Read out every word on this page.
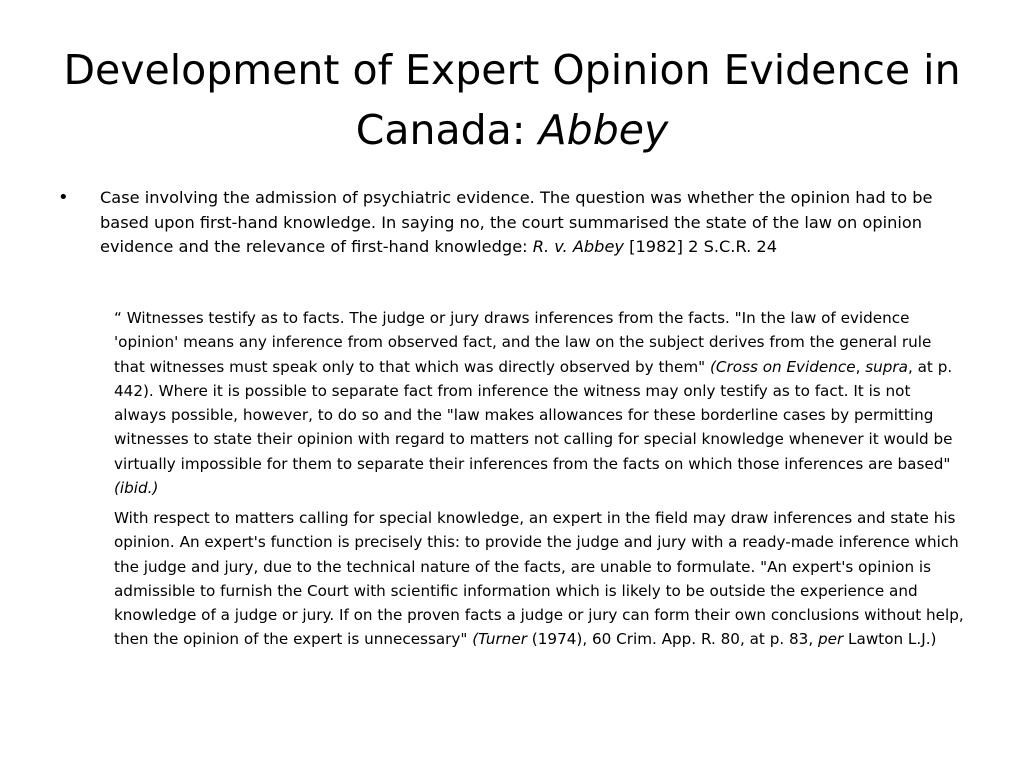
Development of Expert Opinion Evidence in Canada: Abbey
• Case involving the admission of psychiatric evidence. The question was whether the opinion had to be based upon first-hand knowledge. In saying no, the court summarised the state of the law on opinion evidence and the relevance of first-hand knowledge: R. v. Abbey [1982] 2 S.C.R. 24
“ Witnesses testify as to facts. The judge or jury draws inferences from the facts. "In the law of evidence 'opinion' means any inference from observed fact, and the law on the subject derives from the general rule that witnesses must speak only to that which was directly observed by them" (Cross on Evidence, supra, at p. 442). Where it is possible to separate fact from inference the witness may only testify as to fact. It is not always possible, however, to do so and the "law makes allowances for these borderline cases by permitting witnesses to state their opinion with regard to matters not calling for special knowledge whenever it would be virtually impossible for them to separate their inferences from the facts on which those inferences are based" (ibid.)
With respect to matters calling for special knowledge, an expert in the field may draw inferences and state his opinion. An expert's function is precisely this: to provide the judge and jury with a ready-made inference which the judge and jury, due to the technical nature of the facts, are unable to formulate. "An expert's opinion is admissible to furnish the Court with scientific information which is likely to be outside the experience and knowledge of a judge or jury. If on the proven facts a judge or jury can form their own conclusions without help, then the opinion of the expert is unnecessary" (Turner (1974), 60 Crim. App. R. 80, at p. 83, per Lawton L.J.)
